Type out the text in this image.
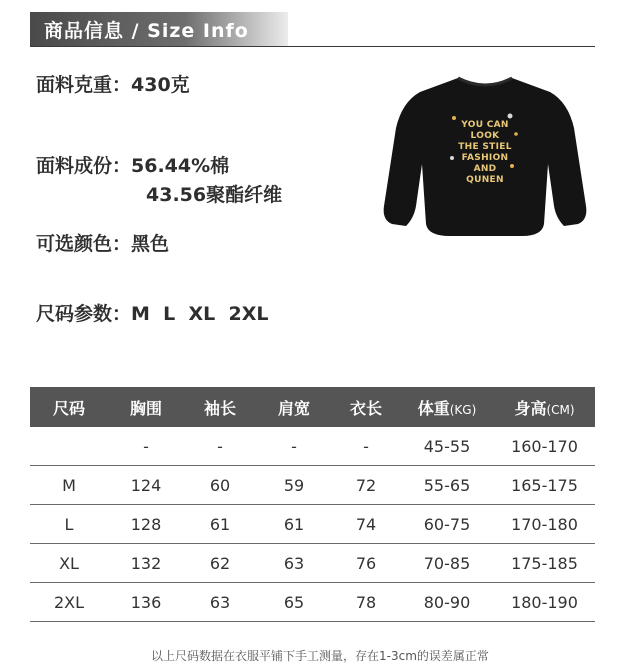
商品信息 / Size Info
面料克重：430克
面料成份：56.44%棉
43.56聚酯纤维
可选颜色：黑色
尺码参数：M  L  XL  2XL
YOU CAN
LOOK
THE STIEL
FASHION AND
QUNEN
尺码	胸围	袖长	肩宽	衣长	体重(KG)	身高(CM)
	-	-	-	-	45-55	160-170
M	124	60	59	72	55-65	165-175
L	128	61	61	74	60-75	170-180
XL	132	62	63	76	70-85	175-185
2XL	136	63	65	78	80-90	180-190
以上尺码数据在衣服平铺下手工测量，存在1-3cm的误差属正常
